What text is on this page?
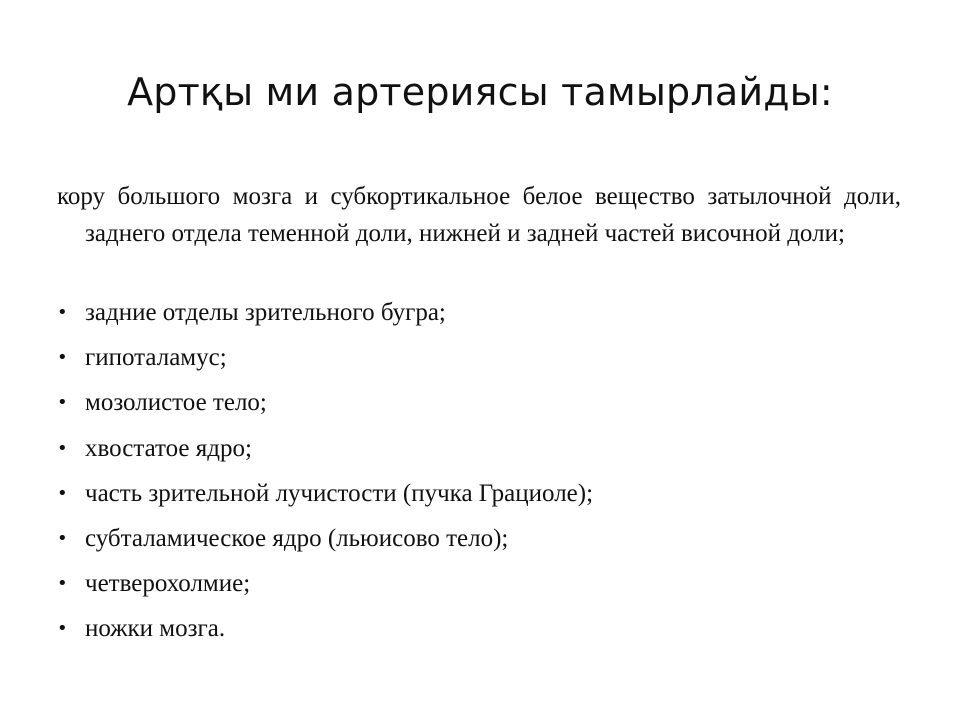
Артқы ми артериясы тамырлайды:
кору большого мозга и субкортикальное белое вещество затылочной доли, заднего отдела теменной доли, нижней и задней частей височной доли;
• задние отделы зрительного бугра;
• гипоталамус;
• мозолистое тело;
• хвостатое ядро;
• часть зрительной лучистости (пучка Грациоле);
• субталамическое ядро (льюисово тело);
• четверохолмие;
• ножки мозга.
